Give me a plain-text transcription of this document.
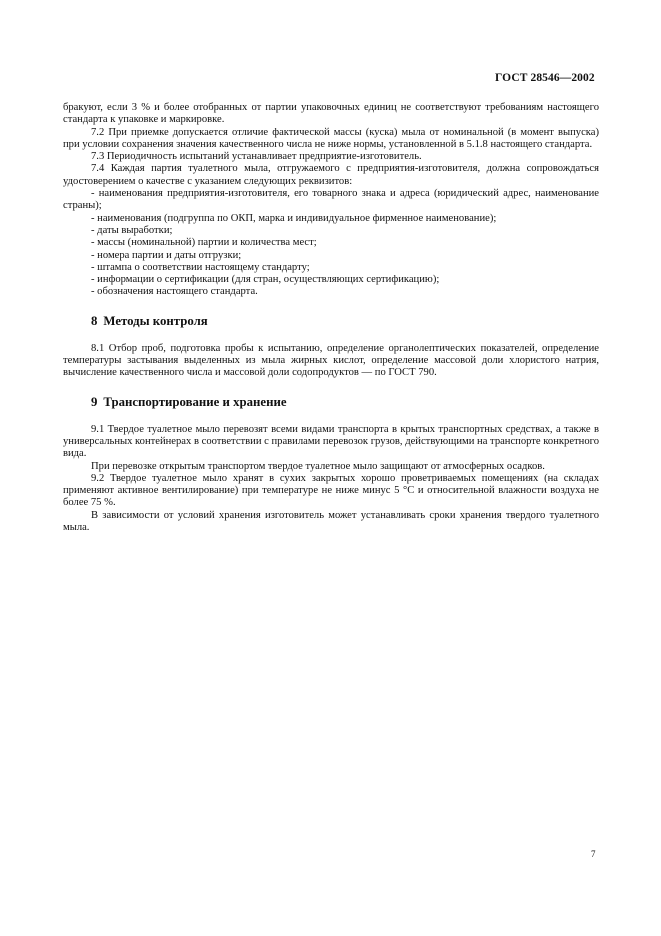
ГОСТ 28546—2002

бракуют, если 3 % и более отобранных от партии упаковочных единиц не соответствуют требованиям настоящего стандарта к упаковке и маркировке.

7.2 При приемке допускается отличие фактической массы (куска) мыла от номинальной (в момент выпуска) при условии сохранения значения качественного числа не ниже нормы, установленной в 5.1.8 настоящего стандарта.

7.3 Периодичность испытаний устанавливает предприятие-изготовитель.

7.4 Каждая партия туалетного мыла, отгружаемого с предприятия-изготовителя, должна сопровождаться удостоверением о качестве с указанием следующих реквизитов:

- наименования предприятия-изготовителя, его товарного знака и адреса (юридический адрес, наименование страны);

- наименования (подгруппа по ОКП, марка и индивидуальное фирменное наименование);

- даты выработки;

- массы (номинальной) партии и количества мест;

- номера партии и даты отгрузки;

- штампа о соответствии настоящему стандарту;

- информации о сертификации (для стран, осуществляющих сертификацию);

- обозначения настоящего стандарта.

8 Методы контроля

8.1 Отбор проб, подготовка пробы к испытанию, определение органолептических показателей, определение температуры застывания выделенных из мыла жирных кислот, определение массовой доли хлористого натрия, вычисление качественного числа и массовой доли содопродуктов — по ГОСТ 790.

9 Транспортирование и хранение

9.1 Твердое туалетное мыло перевозят всеми видами транспорта в крытых транспортных средствах, а также в универсальных контейнерах в соответствии с правилами перевозок грузов, действующими на транспорте конкретного вида.

При перевозке открытым транспортом твердое туалетное мыло защищают от атмосферных осадков.

9.2 Твердое туалетное мыло хранят в сухих закрытых хорошо проветриваемых помещениях (на складах применяют активное вентилирование) при температуре не ниже минус 5 °С и относительной влажности воздуха не более 75 %.

В зависимости от условий хранения изготовитель может устанавливать сроки хранения твердого туалетного мыла.

7
